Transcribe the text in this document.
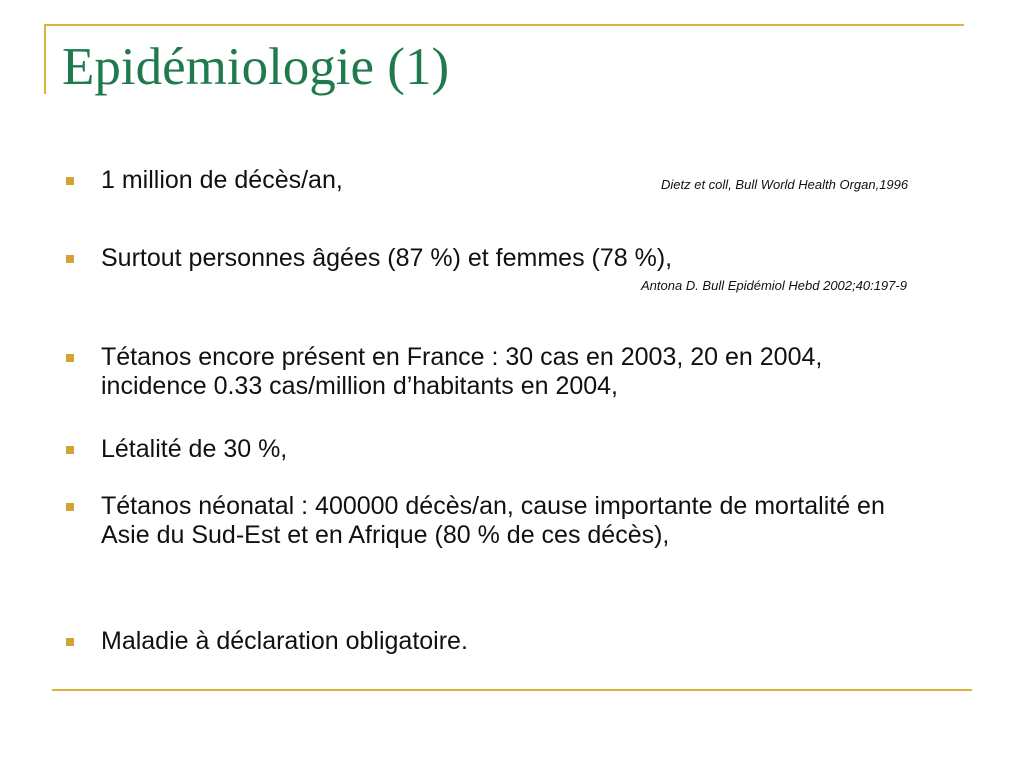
Epidémiologie (1)

1 million de décès/an,	Dietz et coll, Bull World Health Organ,1996

Surtout personnes âgées (87 %) et femmes (78 %),

Antona D. Bull Epidémiol Hebd 2002;40:197-9

Tétanos encore présent en France : 30 cas en 2003, 20 en 2004, incidence 0.33 cas/million d’habitants en 2004,

Létalité de 30 %,

Tétanos néonatal : 400000 décès/an, cause importante de mortalité en Asie du Sud-Est et en Afrique (80 % de ces décès),

Maladie à déclaration obligatoire.
